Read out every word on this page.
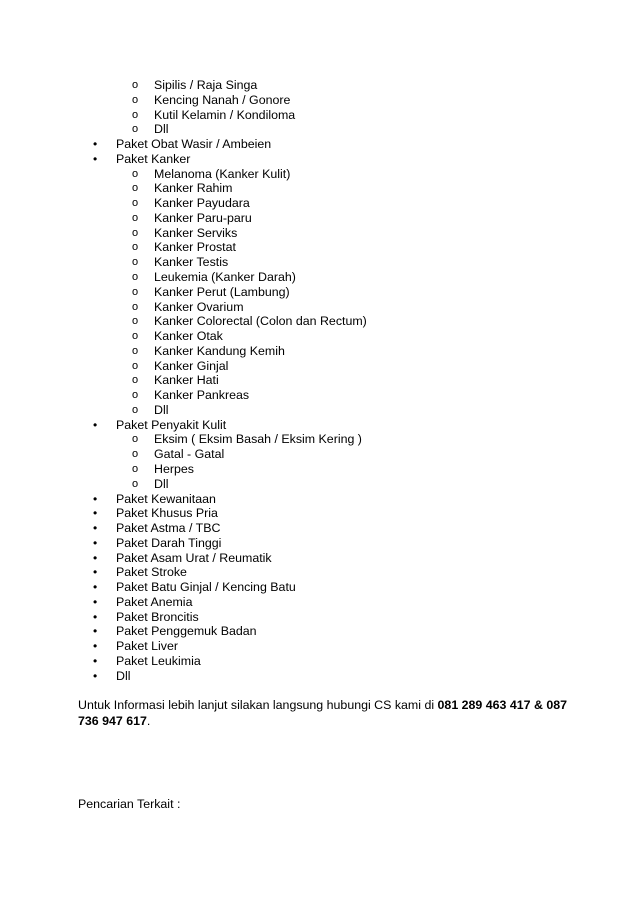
o Sipilis / Raja Singa
o Kencing Nanah / Gonore
o Kutil Kelamin / Kondiloma
o Dll
• Paket Obat Wasir / Ambeien
• Paket Kanker
o Melanoma (Kanker Kulit)
o Kanker Rahim
o Kanker Payudara
o Kanker Paru-paru
o Kanker Serviks
o Kanker Prostat
o Kanker Testis
o Leukemia (Kanker Darah)
o Kanker Perut (Lambung)
o Kanker Ovarium
o Kanker Colorectal (Colon dan Rectum)
o Kanker Otak
o Kanker Kandung Kemih
o Kanker Ginjal
o Kanker Hati
o Kanker Pankreas
o Dll
• Paket Penyakit Kulit
o Eksim ( Eksim Basah / Eksim Kering )
o Gatal - Gatal
o Herpes
o Dll
• Paket Kewanitaan
• Paket Khusus Pria
• Paket Astma / TBC
• Paket Darah Tinggi
• Paket Asam Urat / Reumatik
• Paket Stroke
• Paket Batu Ginjal / Kencing Batu
• Paket Anemia
• Paket Broncitis
• Paket Penggemuk Badan
• Paket Liver
• Paket Leukimia
• Dll
Untuk Informasi lebih lanjut silakan langsung hubungi CS kami di 081 289 463 417 & 087 736 947 617.
Pencarian Terkait :
